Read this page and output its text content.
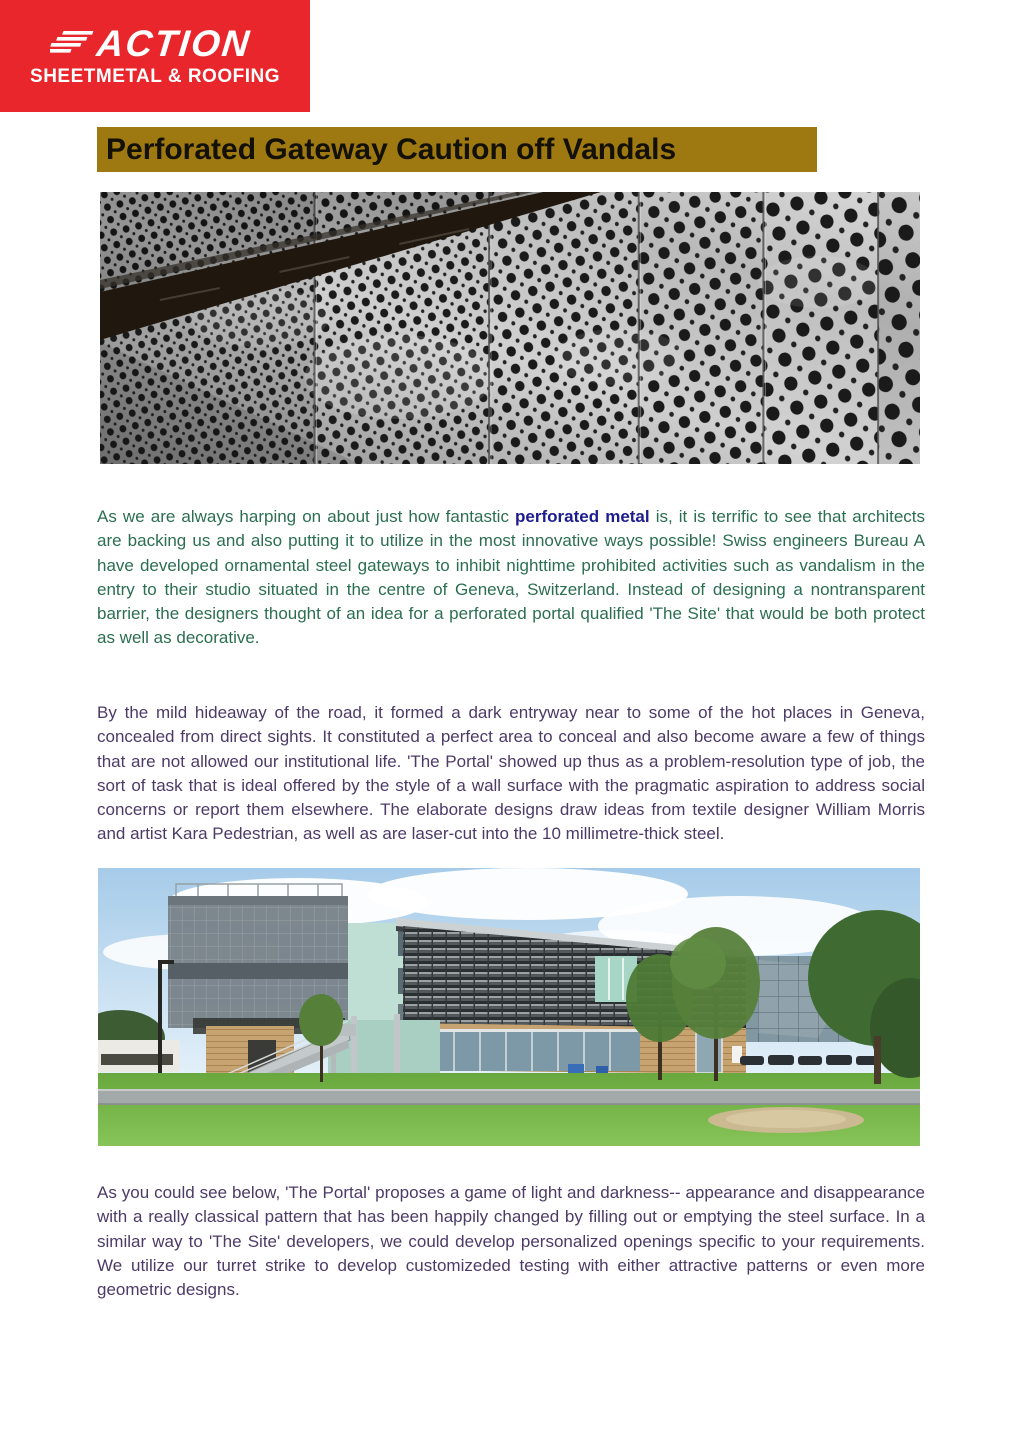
ACTION
SHEETMETAL & ROOFING
Perforated Gateway Caution off Vandals

As we are always harping on about just how fantastic perforated metal is, it is terrific to see that architects are backing us and also putting it to utilize in the most innovative ways possible! Swiss engineers Bureau A have developed ornamental steel gateways to inhibit nighttime prohibited activities such as vandalism in the entry to their studio situated in the centre of Geneva, Switzerland. Instead of designing a nontransparent barrier, the designers thought of an idea for a perforated portal qualified 'The Site' that would be both protect as well as decorative.

By the mild hideaway of the road, it formed a dark entryway near to some of the hot places in Geneva, concealed from direct sights. It constituted a perfect area to conceal and also become aware a few of things that are not allowed our institutional life. 'The Portal' showed up thus as a problem-resolution type of job, the sort of task that is ideal offered by the style of a wall surface with the pragmatic aspiration to address social concerns or report them elsewhere. The elaborate designs draw ideas from textile designer William Morris and artist Kara Pedestrian, as well as are laser-cut into the 10 millimetre-thick steel.

As you could see below, 'The Portal' proposes a game of light and darkness-- appearance and disappearance with a really classical pattern that has been happily changed by filling out or emptying the steel surface. In a similar way to 'The Site' developers, we could develop personalized openings specific to your requirements. We utilize our turret strike to develop customizeded testing with either attractive patterns or even more geometric designs.
